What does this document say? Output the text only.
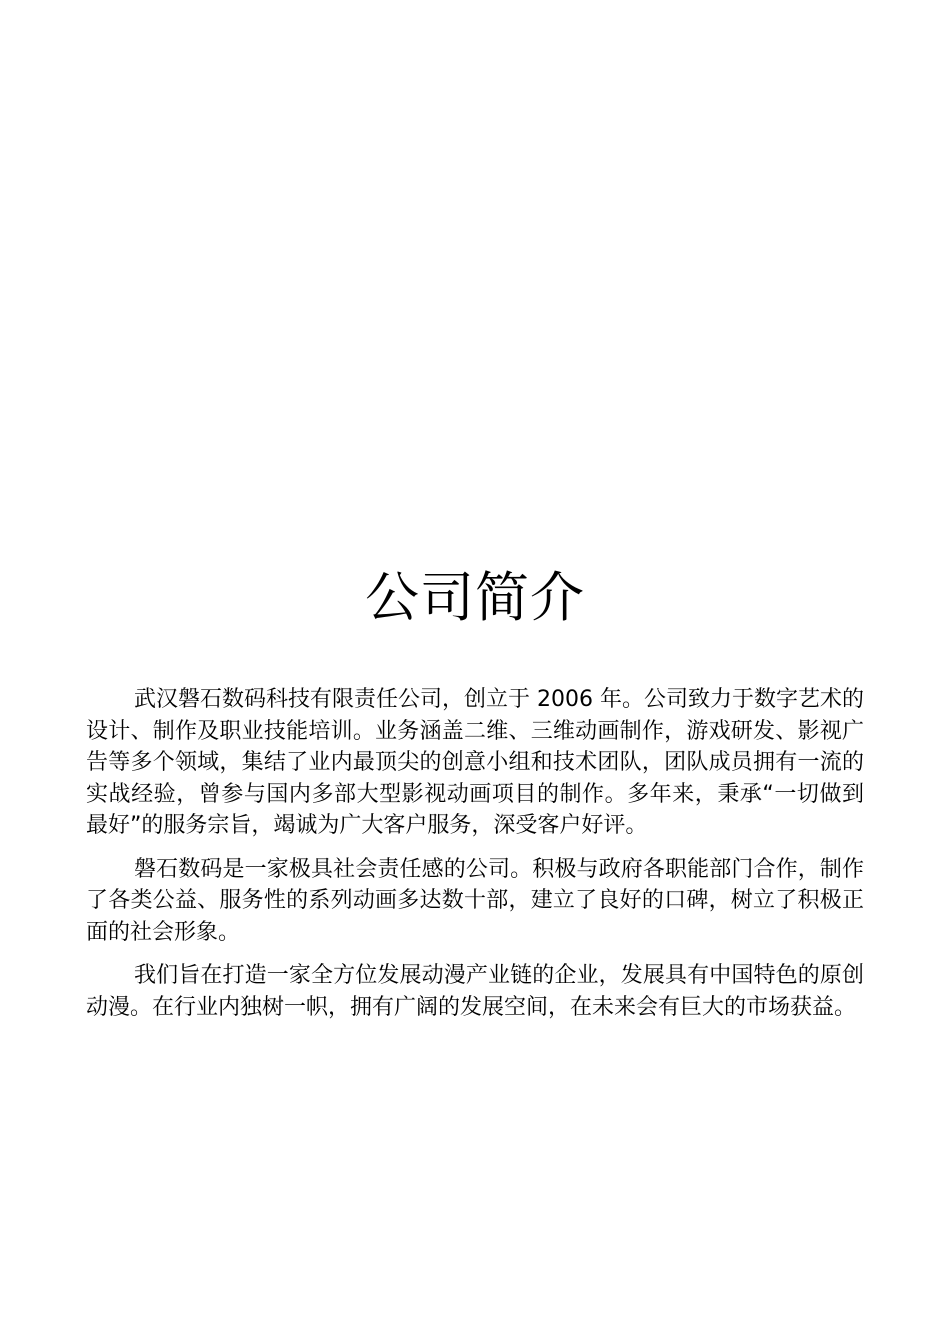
公司简介

武汉磐石数码科技有限责任公司，创立于 2006 年。公司致力于数字艺术的设计、制作及职业技能培训。业务涵盖二维、三维动画制作，游戏研发、影视广告等多个领域，集结了业内最顶尖的创意小组和技术团队，团队成员拥有一流的实战经验，曾参与国内多部大型影视动画项目的制作。多年来，秉承“一切做到最好”的服务宗旨，竭诚为广大客户服务，深受客户好评。

磐石数码是一家极具社会责任感的公司。积极与政府各职能部门合作，制作了各类公益、服务性的系列动画多达数十部，建立了良好的口碑，树立了积极正面的社会形象。

我们旨在打造一家全方位发展动漫产业链的企业，发展具有中国特色的原创动漫。在行业内独树一帜，拥有广阔的发展空间，在未来会有巨大的市场获益。
